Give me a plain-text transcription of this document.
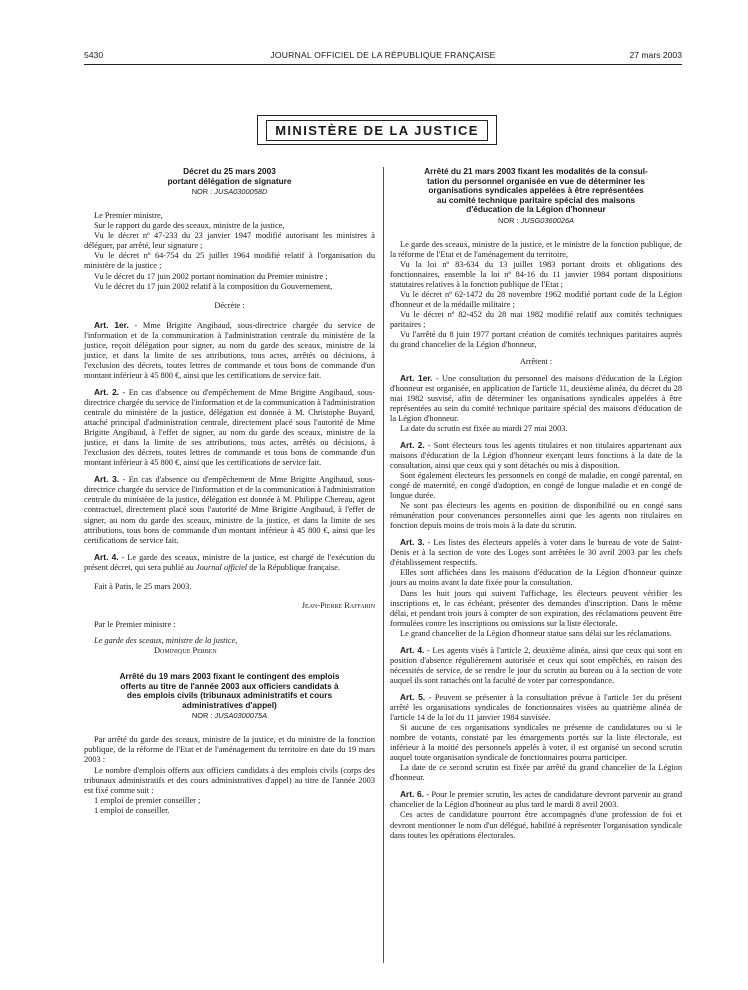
5430	JOURNAL OFFICIEL DE LA RÉPUBLIQUE FRANÇAISE	27 mars 2003
MINISTÈRE DE LA JUSTICE

Décret du 25 mars 2003

portant délégation de signature

NOR : JUSA0300058D

Le Premier ministre,

Sur le rapport du garde des sceaux, ministre de la justice,

Vu le décret nº 47-233 du 23 janvier 1947 modifié autorisant les ministres à déléguer, par arrêté, leur signature ;

Vu le décret nº 64-754 du 25 juillet 1964 modifié relatif à l'organisation du ministère de la justice ;

Vu le décret du 17 juin 2002 portant nomination du Premier ministre ;

Vu le décret du 17 juin 2002 relatif à la composition du Gouvernement,

Décrète :

Art. 1er. - Mme Brigitte Angibaud, sous-directrice chargée du service de l'information et de la communication à l'administration centrale du ministère de la justice, reçoit délégation pour signer, au nom du garde des sceaux, ministre de la justice, et dans la limite de ses attributions, tous actes, arrêtés ou décisions, à l'exclusion des décrets, toutes lettres de commande et tous bons de commande d'un montant inférieur à 45 800 €, ainsi que les certifications de service fait.

Art. 2. - En cas d'absence ou d'empêchement de Mme Brigitte Angibaud, sous-directrice chargée du service de l'information et de la communication à l'administration centrale du ministère de la justice, délégation est donnée à M. Christophe Buyard, attaché principal d'administration centrale, directement placé sous l'autorité de Mme Brigitte Angibaud, à l'effet de signer, au nom du garde des sceaux, ministre de la justice, et dans la limite de ses attributions, tous actes, arrêtés ou décisions, à l'exclusion des décrets, toutes lettres de commande et tous bons de commande d'un montant inférieur à 45 800 €, ainsi que les certifications de service fait.

Art. 3. - En cas d'absence ou d'empêchement de Mme Brigitte Angibaud, sous-directrice chargée du service de l'information et de la communication à l'administration centrale du ministère de la justice, délégation est donnée à M. Philippe Chereau, agent contractuel, directement placé sous l'autorité de Mme Brigitte Angibaud, à l'effet de signer, au nom du garde des sceaux, ministre de la justice, et dans la limite de ses attributions, tous bons de commande d'un montant inférieur à 45 800 €, ainsi que les certifications de service fait.

Art. 4. - Le garde des sceaux, ministre de la justice, est chargé de l'exécution du présent décret, qui sera publié au Journal officiel de la République française.

Fait à Paris, le 25 mars 2003.

Jean-Pierre Raffarin

Par le Premier ministre :

Le garde des sceaux, ministre de la justice,

Dominique Perben

Arrêté du 19 mars 2003 fixant le contingent des emplois

offerts au titre de l'année 2003 aux officiers candidats à

des emplois civils (tribunaux administratifs et cours

administratives d'appel)

NOR : JUSA0300075A

Par arrêté du garde des sceaux, ministre de la justice, et du ministre de la fonction publique, de la réforme de l'Etat et de l'aménagement du territoire en date du 19 mars 2003 :

Le nombre d'emplois offerts aux officiers candidats à des emplois civils (corps des tribunaux administratifs et des cours administratives d'appel) au titre de l'année 2003 est fixé comme suit :

1 emploi de premier conseiller ;

1 emploi de conseiller.

Arrêté du 21 mars 2003 fixant les modalités de la consul-

tation du personnel organisée en vue de déterminer les

organisations syndicales appelées à être représentées

au comité technique paritaire spécial des maisons

d'éducation de la Légion d'honneur

NOR : JUSG0360026A

Le garde des sceaux, ministre de la justice, et le ministre de la fonction publique, de la réforme de l'Etat et de l'aménagement du territoire,

Vu la loi nº 83-634 du 13 juillet 1983 portant droits et obligations des fonctionnaires, ensemble la loi nº 84-16 du 11 janvier 1984 portant dispositions statutaires relatives à la fonction publique de l'Etat ;

Vu le décret nº 62-1472 du 28 novembre 1962 modifié portant code de la Légion d'honneur et de la médaille militaire ;

Vu le décret nº 82-452 du 28 mai 1982 modifié relatif aux comités techniques paritaires ;

Vu l'arrêté du 8 juin 1977 portant création de comités techniques paritaires auprès du grand chancelier de la Légion d'honneur,

Arrêtent :

Art. 1er. - Une consultation du personnel des maisons d'éducation de la Légion d'honneur est organisée, en application de l'article 11, deuxième alinéa, du décret du 28 mai 1982 susvisé, afin de déterminer les organisations syndicales appelées à être représentées au sein du comité technique paritaire spécial des maisons d'éducation de la Légion d'honneur.

La date du scrutin est fixée au mardi 27 mai 2003.

Art. 2. - Sont électeurs tous les agents titulaires et non titulaires appartenant aux maisons d'éducation de la Légion d'honneur exerçant leurs fonctions à la date de la consultation, ainsi que ceux qui y sont détachés ou mis à disposition.

Sont également électeurs les personnels en congé de maladie, en congé parental, en congé de maternité, en congé d'adoption, en congé de longue maladie et en congé de longue durée.

Ne sont pas électeurs les agents en position de disponibilité ou en congé sans rémunération pour convenances personnelles ainsi que les agents non titulaires en fonction depuis moins de trois mois à la date du scrutin.

Art. 3. - Les listes des électeurs appelés à voter dans le bureau de vote de Saint-Denis et à la section de vote des Loges sont arrêtées le 30 avril 2003 par les chefs d'établissement respectifs.

Elles sont affichées dans les maisons d'éducation de la Légion d'honneur quinze jours au moins avant la date fixée pour la consultation.

Dans les huit jours qui suivent l'affichage, les électeurs peuvent vérifier les inscriptions et, le cas échéant, présenter des demandes d'inscription. Dans le même délai, et pendant trois jours à compter de son expiration, des réclamations peuvent être formulées contre les inscriptions ou omissions sur la liste électorale.

Le grand chancelier de la Légion d'honneur statue sans délai sur les réclamations.

Art. 4. - Les agents visés à l'article 2, deuxième alinéa, ainsi que ceux qui sont en position d'absence régulièrement autorisée et ceux qui sont empêchés, en raison des nécessités de service, de se rendre le jour du scrutin au bureau ou à la section de vote auquel ils sont rattachés ont la faculté de voter par correspondance.

Art. 5. - Peuvent se présenter à la consultation prévue à l'article 1er du présent arrêté les organisations syndicales de fonctionnaires visées au quatrième alinéa de l'article 14 de la loi du 11 janvier 1984 susvisée.

Si aucune de ces organisations syndicales ne présente de candidatures ou si le nombre de votants, constaté par les émargements portés sur la liste électorale, est inférieur à la moitié des personnels appelés à voter, il est organisé un second scrutin auquel toute organisation syndicale de fonctionnaires pourra participer.

La date de ce second scrutin est fixée par arrêté du grand chancelier de la Légion d'honneur.

Art. 6. - Pour le premier scrutin, les actes de candidature devront parvenir au grand chancelier de la Légion d'honneur au plus tard le mardi 8 avril 2003.

Ces actes de candidature pourront être accompagnés d'une profession de foi et devront mentionner le nom d'un délégué, habilité à représenter l'organisation syndicale dans toutes les opérations électorales.
